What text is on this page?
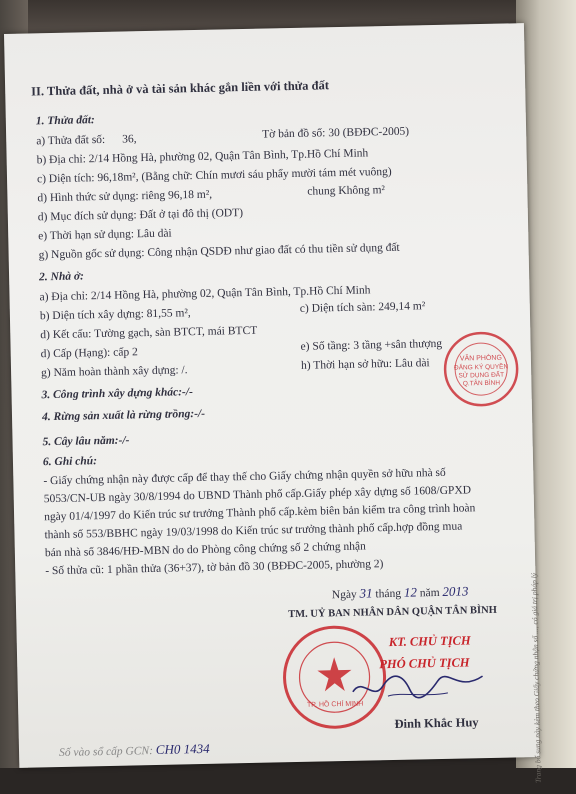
II. Thửa đất, nhà ở và tài sản khác gắn liền với thửa đất
1. Thửa đất:
a) Thửa đất số: 36,	Tờ bản đồ số: 30 (BĐĐC-2005)
b) Địa chỉ: 2/14 Hồng Hà, phường 02, Quận Tân Bình, Tp.Hồ Chí Minh
c) Diện tích: 96,18m², (Bằng chữ: Chín mươi sáu phẩy mười tám mét vuông)
d) Hình thức sử dụng: riêng 96,18 m²,	chung Không m²
d) Mục đích sử dụng: Đất ở tại đô thị (ODT)
e) Thời hạn sử dụng: Lâu dài
g) Nguồn gốc sử dụng: Công nhận QSDĐ như giao đất có thu tiền sử dụng đất
2. Nhà ở:
a) Địa chỉ: 2/14 Hồng Hà, phường 02, Quận Tân Bình, Tp.Hồ Chí Minh
b) Diện tích xây dựng: 81,55 m²,	c) Diện tích sàn: 249,14 m²
d) Kết cấu: Tường gạch, sàn BTCT, mái BTCT
d) Cấp (Hạng): cấp 2
e) Số tầng: 3 tầng +sân thượng
g) Năm hoàn thành xây dựng: /.	h) Thời hạn sở hữu: Lâu dài
3. Công trình xây dựng khác:-/-
4. Rừng sản xuất là rừng trồng:-/-
5. Cây lâu năm:-/-
6. Ghi chú:
- Giấy chứng nhận này được cấp để thay thế cho Giấy chứng nhận quyền sở hữu nhà số
5053/CN-UB ngày 30/8/1994 do UBND Thành phố cấp.Giấy phép xây dựng số 1608/GPXD
ngày 01/4/1997 do Kiến trúc sư trưởng Thành phố cấp.kèm biên bản kiểm tra công trình hoàn
thành số 553/BBHC ngày 19/03/1998 do Kiến trúc sư trưởng thành phố cấp.hợp đồng mua
bán nhà số 3846/HĐ-MBN do do Phòng công chứng số 2 chứng nhận
- Số thửa cũ: 1 phần thửa (36+37), tờ bản đồ 30 (BĐĐC-2005, phường 2)
VĂN PHÒNG
ĐĂNG KÝ QUYỀN
SỬ DỤNG ĐẤT
Q.TÂN BÌNH
Ngày 31 tháng 12 năm 2013
TM. UỶ BAN NHÂN DÂN QUẬN TÂN BÌNH
KT. CHỦ TỊCH
PHÓ CHỦ TỊCH
TP. HỒ CHÍ MINH
Đinh Khắc Huy
Số vào sổ cấp GCN: CH0 1434	Trang bổ sung này kèm theo Giấy chứng nhận số ..., có giá trị pháp lý
